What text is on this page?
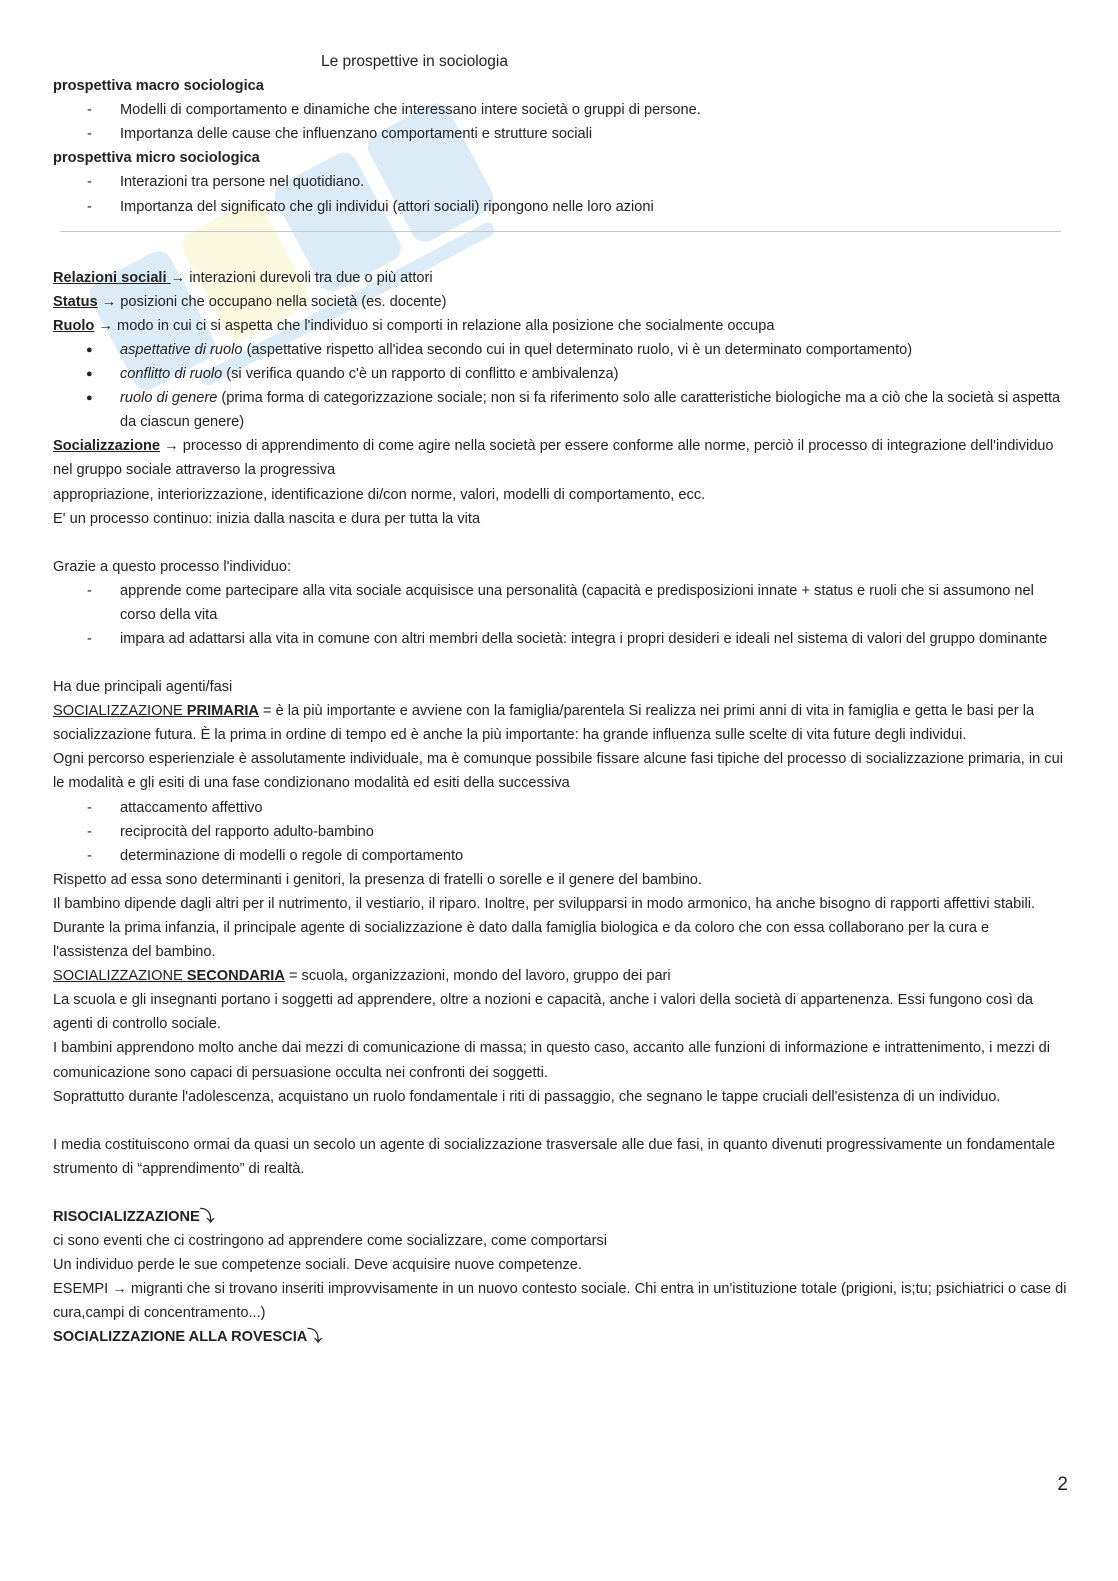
Le prospettive in sociologia
prospettiva macro sociologica
- Modelli di comportamento e dinamiche che interessano intere società o gruppi di persone.
- Importanza delle cause che influenzano comportamenti e strutture sociali
prospettiva micro sociologica
- Interazioni tra persone nel quotidiano.
- Importanza del significato che gli individui (attori sociali) ripongono nelle loro azioni
Relazioni sociali → interazioni durevoli tra due o più attori
Status → posizioni che occupano nella società (es. docente)
Ruolo → modo in cui ci si aspetta che l'individuo si comporti in relazione alla posizione che socialmente occupa
● aspettative di ruolo (aspettative rispetto all'idea secondo cui in quel determinato ruolo, vi è un determinato comportamento)
● conflitto di ruolo (si verifica quando c'è un rapporto di conflitto e ambivalenza)
● ruolo di genere (prima forma di categorizzazione sociale; non si fa riferimento solo alle caratteristiche biologiche ma a ciò che la società si aspetta da ciascun genere)
Socializzazione → processo di apprendimento di come agire nella società per essere conforme alle norme, perciò il processo di integrazione dell'individuo nel gruppo sociale attraverso la progressiva
appropriazione, interiorizzazione, identificazione di/con norme, valori, modelli di comportamento, ecc.
E' un processo continuo: inizia dalla nascita e dura per tutta la vita
Grazie a questo processo l'individuo:
- apprende come partecipare alla vita sociale acquisisce una personalità (capacità e predisposizioni innate + status e ruoli che si assumono nel corso della vita
- impara ad adattarsi alla vita in comune con altri membri della società: integra i propri desideri e ideali nel sistema di valori del gruppo dominante
Ha due principali agenti/fasi
SOCIALIZZAZIONE PRIMARIA = è la più importante e avviene con la famiglia/parentela Si realizza nei primi anni di vita in famiglia e getta le basi per la socializzazione futura. È la prima in ordine di tempo ed è anche la più importante: ha grande influenza sulle scelte di vita future degli individui.
Ogni percorso esperienziale è assolutamente individuale, ma è comunque possibile fissare alcune fasi tipiche del processo di socializzazione primaria, in cui le modalità e gli esiti di una fase condizionano modalità ed esiti della successiva
- attaccamento affettivo
- reciprocità del rapporto adulto-bambino
- determinazione di modelli o regole di comportamento
Rispetto ad essa sono determinanti i genitori, la presenza di fratelli o sorelle e il genere del bambino.
Il bambino dipende dagli altri per il nutrimento, il vestiario, il riparo. Inoltre, per svilupparsi in modo armonico, ha anche bisogno di rapporti affettivi stabili.
Durante la prima infanzia, il principale agente di socializzazione è dato dalla famiglia biologica e da coloro che con essa collaborano per la cura e l'assistenza del bambino.
SOCIALIZZAZIONE SECONDARIA = scuola, organizzazioni, mondo del lavoro, gruppo dei pari
La scuola e gli insegnanti portano i soggetti ad apprendere, oltre a nozioni e capacità, anche i valori della società di appartenenza. Essi fungono così da agenti di controllo sociale.
I bambini apprendono molto anche dai mezzi di comunicazione di massa; in questo caso, accanto alle funzioni di informazione e intrattenimento, i mezzi di comunicazione sono capaci di persuasione occulta nei confronti dei soggetti.
Soprattutto durante l'adolescenza, acquistano un ruolo fondamentale i riti di passaggio, che segnano le tappe cruciali dell'esistenza di un individuo.
I media costituiscono ormai da quasi un secolo un agente di socializzazione trasversale alle due fasi, in quanto divenuti progressivamente un fondamentale strumento di “apprendimento” di realtà.
RISOCIALIZZAZIONE⤵
ci sono eventi che ci costringono ad apprendere come socializzare, come comportarsi
Un individuo perde le sue competenze sociali. Deve acquisire nuove competenze.
ESEMPI → migranti che si trovano inseriti improvvisamente in un nuovo contesto sociale. Chi entra in un'istituzione totale (prigioni, is;tu; psichiatrici o case di cura,campi di concentramento...)
SOCIALIZZAZIONE ALLA ROVESCIA⤵
2
